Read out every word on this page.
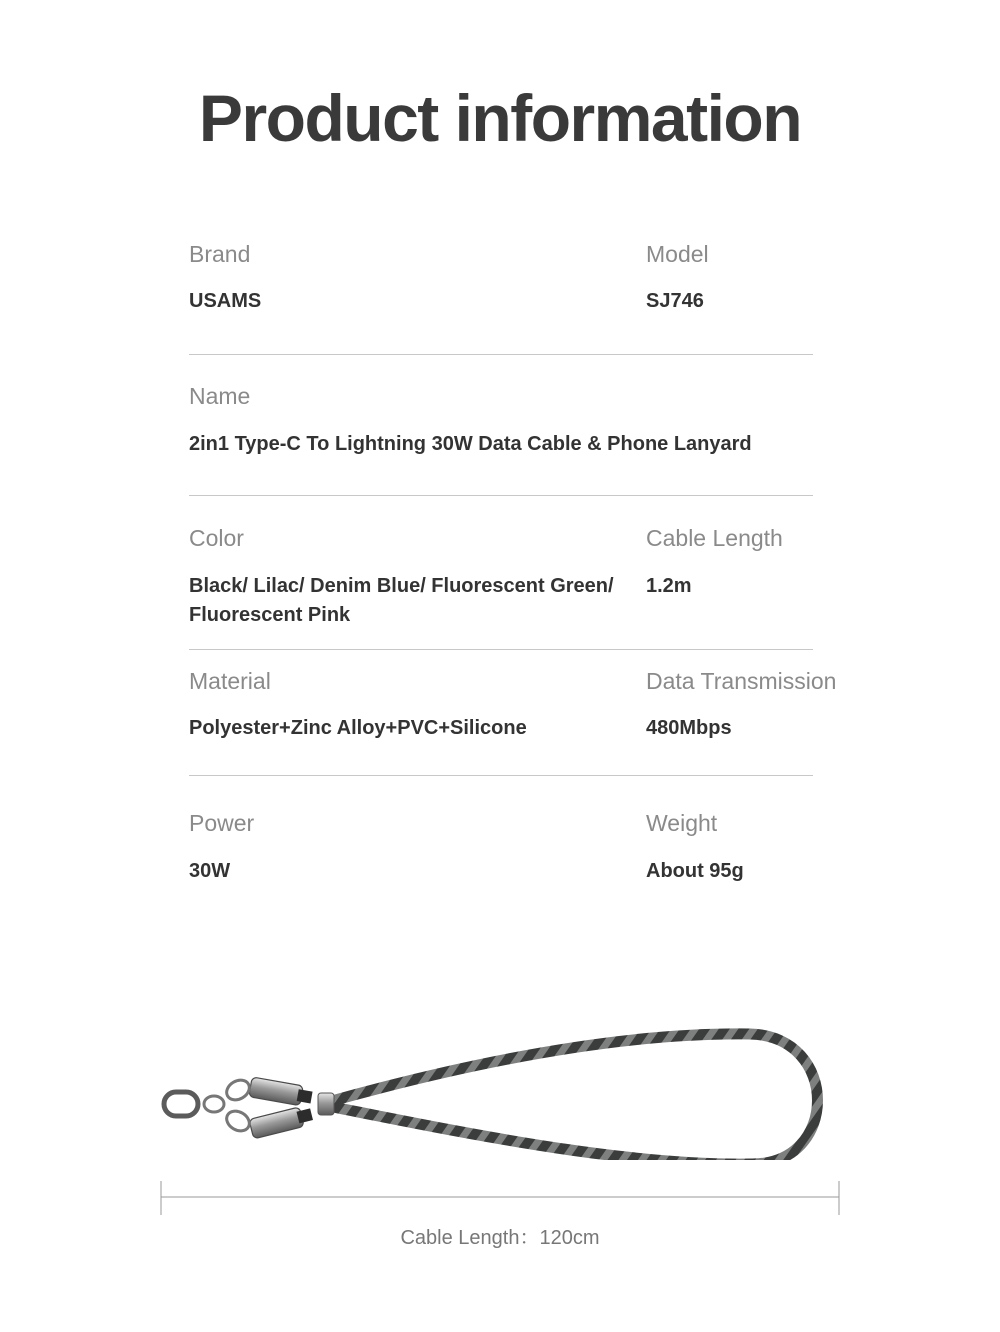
Product information
Brand
USAMS
Model
SJ746
Name
2in1 Type-C To Lightning 30W Data Cable & Phone Lanyard
Color
Black/ Lilac/ Denim Blue/ Fluorescent Green/
Fluorescent Pink
Cable Length
1.2m
Material
Polyester+Zinc Alloy+PVC+Silicone
Data Transmission
480Mbps
Power
30W
Weight
About 95g
Cable Length：120cm
